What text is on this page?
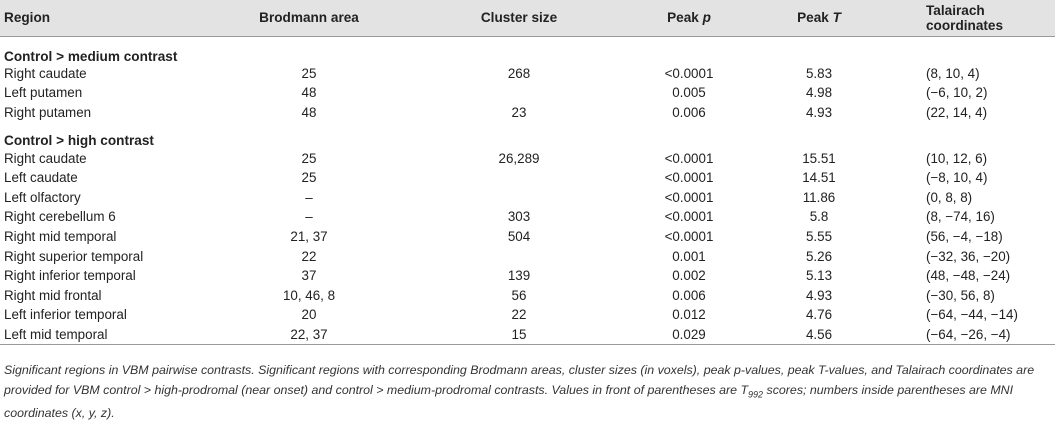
Region	Brodmann area	Cluster size	Peak p	Peak T	Talairach coordinates
Control > medium contrast					
Right caudate	25	268	<0.0001	5.83	(8, 10, 4)
Left putamen	48		0.005	4.98	(−6, 10, 2)
Right putamen	48	23	0.006	4.93	(22, 14, 4)
Control > high contrast					
Right caudate	25	26,289	<0.0001	15.51	(10, 12, 6)
Left caudate	25		<0.0001	14.51	(−8, 10, 4)
Left olfactory	–		<0.0001	11.86	(0, 8, 8)
Right cerebellum 6	–	303	<0.0001	5.8	(8, −74, 16)
Right mid temporal	21, 37	504	<0.0001	5.55	(56, −4, −18)
Right superior temporal	22		0.001	5.26	(−32, 36, −20)
Right inferior temporal	37	139	0.002	5.13	(48, −48, −24)
Right mid frontal	10, 46, 8	56	0.006	4.93	(−30, 56, 8)
Left inferior temporal	20	22	0.012	4.76	(−64, −44, −14)
Left mid temporal	22, 37	15	0.029	4.56	(−64, −26, −4)
Significant regions in VBM pairwise contrasts. Significant regions with corresponding Brodmann areas, cluster sizes (in voxels), peak p-values, peak T-values, and Talairach coordinates are provided for VBM control > high-prodromal (near onset) and control > medium-prodromal contrasts. Values in front of parentheses are $T_{992}$ scores; numbers inside parentheses are MNI coordinates (x, y, z).
